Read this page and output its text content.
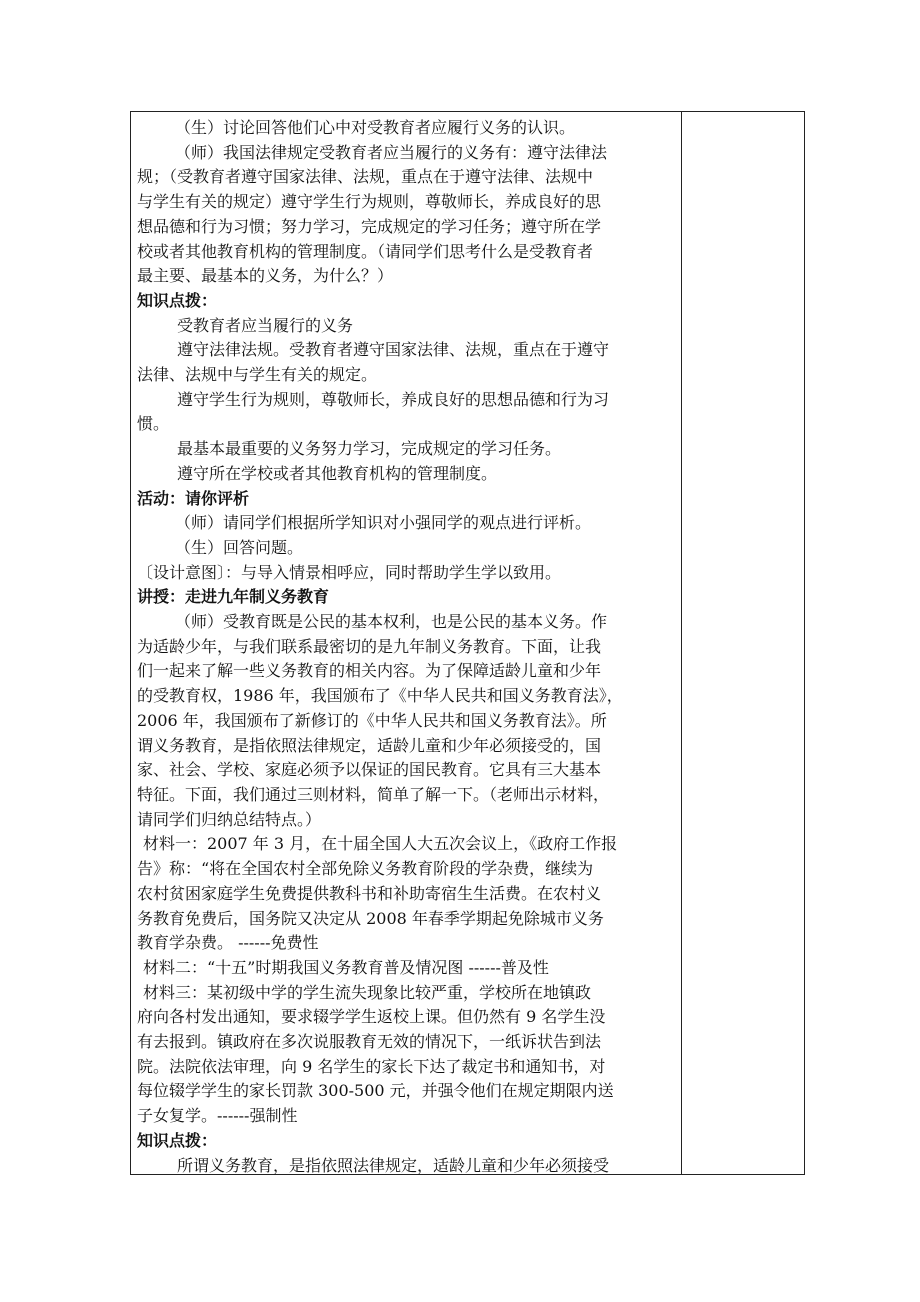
（生）讨论回答他们心中对受教育者应履行义务的认识。

（师）我国法律规定受教育者应当履行的义务有：遵守法律法

规；（受教育者遵守国家法律、法规，重点在于遵守法律、法规中

与学生有关的规定）遵守学生行为规则，尊敬师长，养成良好的思

想品德和行为习惯；努力学习，完成规定的学习任务；遵守所在学

校或者其他教育机构的管理制度。（请同学们思考什么是受教育者

最主要、最基本的义务，为什么？）

知识点拨：

受教育者应当履行的义务

遵守法律法规。受教育者遵守国家法律、法规，重点在于遵守

法律、法规中与学生有关的规定。

遵守学生行为规则，尊敬师长，养成良好的思想品德和行为习

惯。

最基本最重要的义务努力学习，完成规定的学习任务。

遵守所在学校或者其他教育机构的管理制度。

活动：请你评析

（师）请同学们根据所学知识对小强同学的观点进行评析。

（生）回答问题。

〔设计意图〕：与导入情景相呼应，同时帮助学生学以致用。

讲授：走进九年制义务教育

（师）受教育既是公民的基本权利，也是公民的基本义务。作

为适龄少年，与我们联系最密切的是九年制义务教育。下面，让我

们一起来了解一些义务教育的相关内容。为了保障适龄儿童和少年

的受教育权，1986 年，我国颁布了《中华人民共和国义务教育法》，

2006 年，我国颁布了新修订的《中华人民共和国义务教育法》。所

谓义务教育，是指依照法律规定，适龄儿童和少年必须接受的，国

家、社会、学校、家庭必须予以保证的国民教育。它具有三大基本

特征。下面，我们通过三则材料，简单了解一下。（老师出示材料，

请同学们归纳总结特点。）

材料一：2007 年 3 月，在十届全国人大五次会议上，《政府工作报

告》称：“将在全国农村全部免除义务教育阶段的学杂费，继续为

农村贫困家庭学生免费提供教科书和补助寄宿生生活费。在农村义

务教育免费后，国务院又决定从 2008 年春季学期起免除城市义务

教育学杂费。 ------免费性

材料二：“十五”时期我国义务教育普及情况图 ------普及性

材料三：某初级中学的学生流失现象比较严重，学校所在地镇政

府向各村发出通知，要求辍学学生返校上课。但仍然有 9 名学生没

有去报到。镇政府在多次说服教育无效的情况下，一纸诉状告到法

院。法院依法审理，向 9 名学生的家长下达了裁定书和通知书，对

每位辍学学生的家长罚款 300-500 元，并强令他们在规定期限内送

子女复学。------强制性

知识点拨：

所谓义务教育，是指依照法律规定，适龄儿童和少年必须接受
